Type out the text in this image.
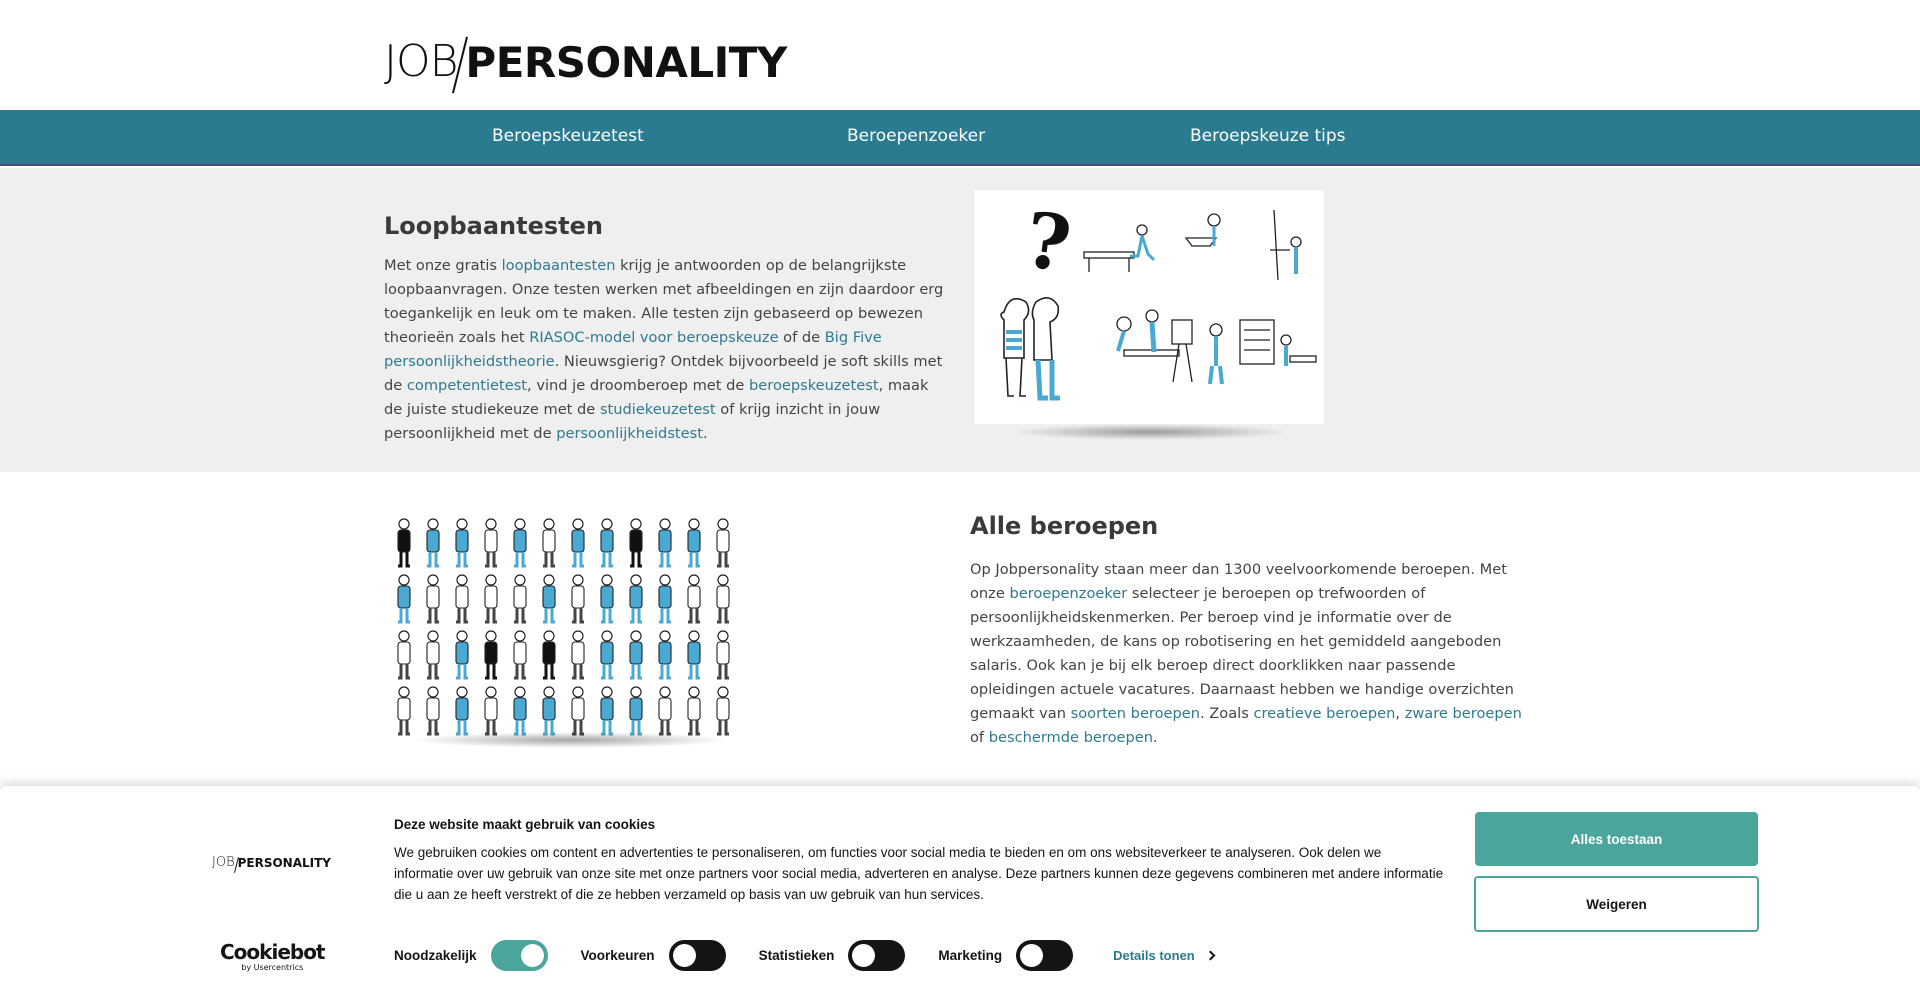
JOB PERSONALITY
Beroepskeuzetest	Beroepenzoeker	Beroepskeuze tips
Loopbaantesten

Met onze gratis loopbaantesten krijg je antwoorden op de belangrijkste loopbaanvragen. Onze testen werken met afbeeldingen en zijn daardoor erg toegankelijk en leuk om te maken. Alle testen zijn gebaseerd op bewezen theorieën zoals het RIASOC-model voor beroepskeuze of de Big Five persoonlijkheidstheorie. Nieuwsgierig? Ontdek bijvoorbeeld je soft skills met de competentietest, vind je droomberoep met de beroepskeuzetest, maak de juiste studiekeuze met de studiekeuzetest of krijg inzicht in jouw persoonlijkheid met de persoonlijkheidstest.

?
Alle beroepen

Op Jobpersonality staan meer dan 1300 veelvoorkomende beroepen. Met onze beroepenzoeker selecteer je beroepen op trefwoorden of persoonlijkheidskenmerken. Per beroep vind je informatie over de werkzaamheden, de kans op robotisering en het gemiddeld aangeboden salaris. Ook kan je bij elk beroep direct doorklikken naar passende opleidingen actuele vacatures. Daarnaast hebben we handige overzichten gemaakt van soorten beroepen. Zoals creatieve beroepen, zware beroepen of beschermde beroepen.

JOB PERSONALITY
Cookiebot
by Usercentrics
Deze website maakt gebruik van cookies
We gebruiken cookies om content en advertenties te personaliseren, om functies voor social media te bieden en om ons websiteverkeer te analyseren. Ook delen we informatie over uw gebruik van onze site met onze partners voor social media, adverteren en analyse. Deze partners kunnen deze gegevens combineren met andere informatie die u aan ze heeft verstrekt of die ze hebben verzameld op basis van uw gebruik van hun services.
Noodzakelijk	Voorkeuren	Statistieken	Marketing	Details tonen
Alles toestaan
Weigeren
